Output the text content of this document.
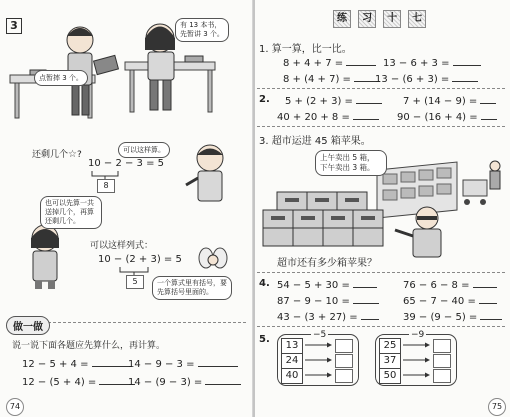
3	有 13 本书， 先暂讲 3 个。
点暂摔 3 个。
还剩几个☆?	可以这样算。
10 − 2 − 3 = 5
8
也可以先算一共送掉几个，再算还剩几个。
可以这样列式：
10 − (2 + 3) = 5
5	一个算式里有括号，要先算括号里面的。
做一做
说一说下面各题应先算什么，再计算。
12 − 5 + 4 =	14 − 9 − 3 =
12 − (5 + 4) =	14 − (9 − 3) =
74
练 习 十 七
1. 算一算，比一比。
8 + 4 + 7 =	13 − 6 + 3 =
8 + (4 + 7) =	13 − (6 + 3) =
2. 5 + (2 + 3) =	7 + (14 − 9) =
40 + 20 + 8 =	90 − (16 + 4) =
3. 超市运进 45 箱苹果。
上午卖出 5 箱，下午卖出 3 箱。
超市还有多少箱苹果？
4. 54 − 5 + 30 =	76 − 6 − 8 =
87 − 9 − 10 =	65 − 7 − 40 =
43 − (3 + 27) =	39 − (9 − 5) =
5.	−5
13
24
40
−9
25
37
50
75
